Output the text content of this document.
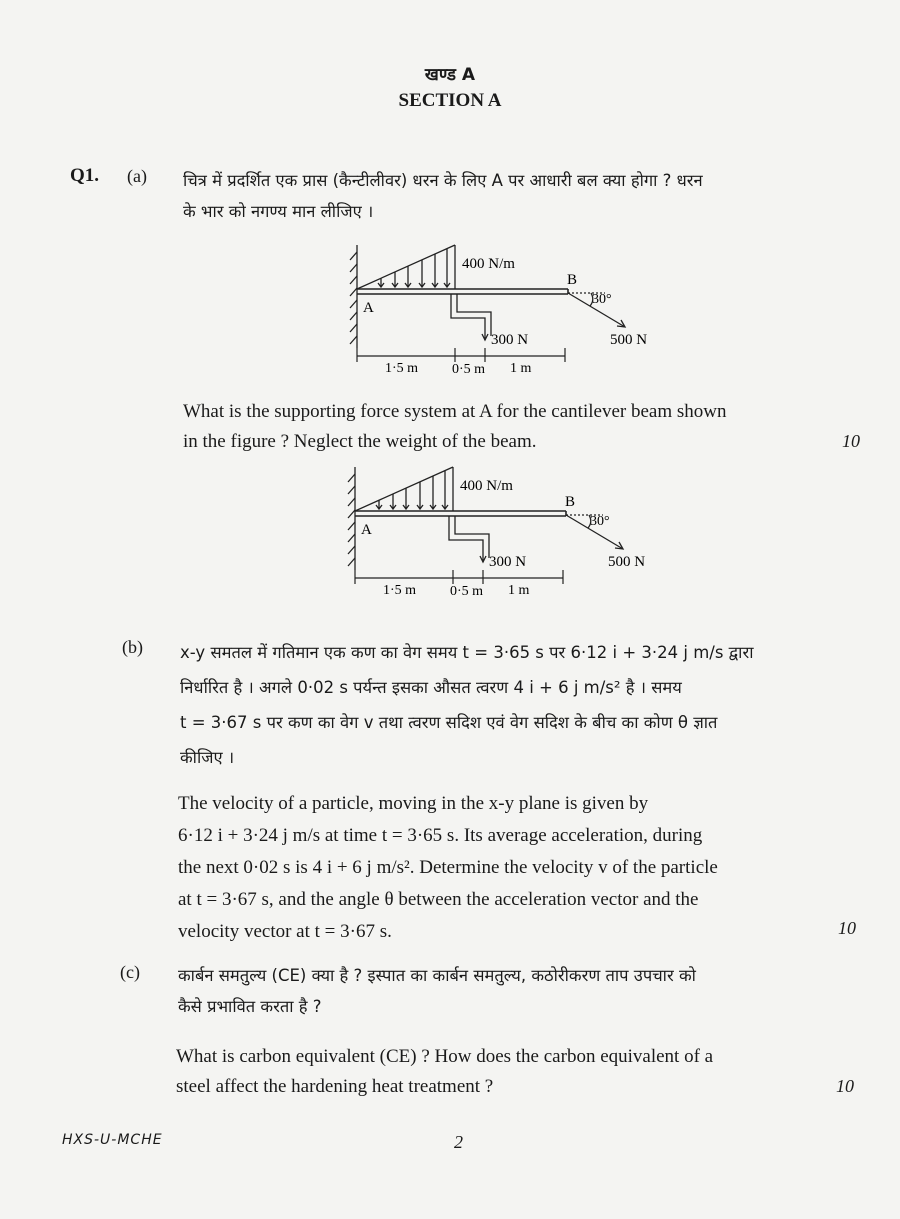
खण्ड A
SECTION A
Q1. (a) चित्र में प्रदर्शित एक प्रास (कैन्टीलीवर) धरन के लिए A पर आधारी बल क्या होगा ? धरन
के भार को नगण्य मान लीजिए ।
400 N/m
A
B
30°
300 N	500 N
1·5 m 0·5 m 1 m
What is the supporting force system at A for the cantilever beam shown
in the figure ? Neglect the weight of the beam.	10
400 N/m
A
B
30°
300 N	500 N
1·5 m 0·5 m 1 m
(b) x-y समतल में गतिमान एक कण का वेग समय t = 3·65 s पर 6·12 i + 3·24 j m/s द्वारा
निर्धारित है । अगले 0·02 s पर्यन्त इसका औसत त्वरण 4 i + 6 j m/s² है । समय
t = 3·67 s पर कण का वेग v तथा त्वरण सदिश एवं वेग सदिश के बीच का कोण θ ज्ञात
कीजिए ।
The velocity of a particle, moving in the x-y plane is given by
6·12 i + 3·24 j m/s at time t = 3·65 s. Its average acceleration, during
the next 0·02 s is 4 i + 6 j m/s². Determine the velocity v of the particle
at t = 3·67 s, and the angle θ between the acceleration vector and the
velocity vector at t = 3·67 s.	10
(c) कार्बन समतुल्य (CE) क्या है ? इस्पात का कार्बन समतुल्य, कठोरीकरण ताप उपचार को
कैसे प्रभावित करता है ?
What is carbon equivalent (CE) ? How does the carbon equivalent of a
steel affect the hardening heat treatment ?	10
HXS-U-MCHE	2
